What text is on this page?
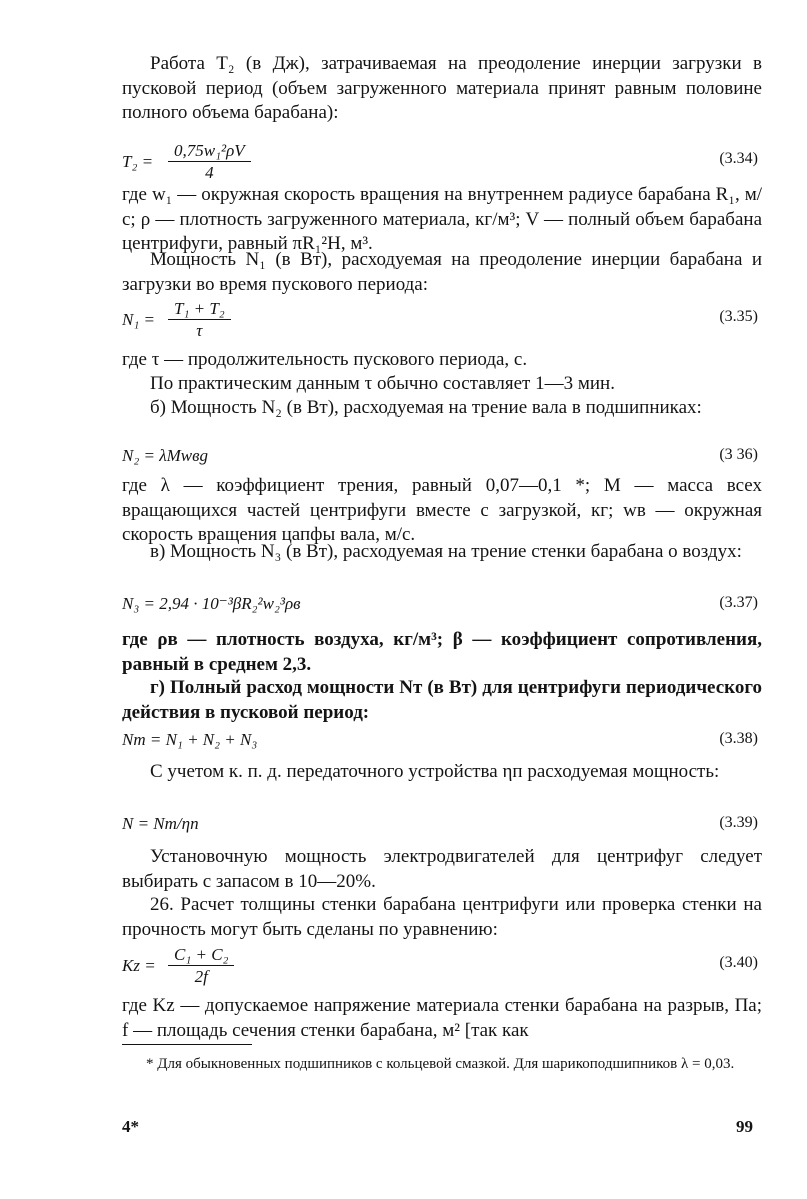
Работа T₂ (в Дж), затрачиваемая на преодоление инерции загрузки в пусковой период (объем загруженного материала принят равным половине полного объема барабана):
$T_2 = \frac{\text{0,75w₁²ρV}}{4}$	(3.34)
где w₁ — окружная скорость вращения на внутреннем радиусе барабана R₁, м/с; ρ — плотность загруженного материала, кг/м³; V — полный объем барабана центрифуги, равный πR₁²H, м³.
Мощность N₁ (в Вт), расходуемая на преодоление инерции барабана и загрузки во время пускового периода:
$N_1 = \frac{\text{T₁ + T₂}}{\tau}$	(3.35)
где τ — продолжительность пускового периода, с.
По практическим данным τ обычно составляет 1—3 мин.
б) Мощность N₂ (в Вт), расходуемая на трение вала в подшипниках:
N₂ = λMwвg	(3 36)
где λ — коэффициент трения, равный 0,07—0,1 *; M — масса всех вращающихся частей центрифуги вместе с загрузкой, кг; wв — окружная скорость вращения цапфы вала, м/с.
в) Мощность N₃ (в Вт), расходуемая на трение стенки барабана о воздух:
N₃ = 2,94 · 10⁻³βR₂²w₂³ρв	(3.37)
где ρв — плотность воздуха, кг/м³; β — коэффициент сопротивления, равный в среднем 2,3.
г) Полный расход мощности Nт (в Вт) для центрифуги периодического действия в пусковой период:
Nт = N₁ + N₂ + N₃	(3.38)
С учетом к. п. д. передаточного устройства ηп расходуемая мощность:
N = Nт/ηп	(3.39)
Установочную мощность электродвигателей для центрифуг следует выбирать с запасом в 10—20%.
26. Расчет толщины стенки барабана центрифуги или проверка стенки на прочность могут быть сделаны по уравнению:
$Kz = \frac{\text{C₁ + C₂}}{2f}$	(3.40)
где Kz — допускаемое напряжение материала стенки барабана на разрыв, Па; f — площадь сечения стенки барабана, м² [так как
* Для обыкновенных подшипников с кольцевой смазкой. Для шарикоподшипников λ = 0,03.
4*	99
